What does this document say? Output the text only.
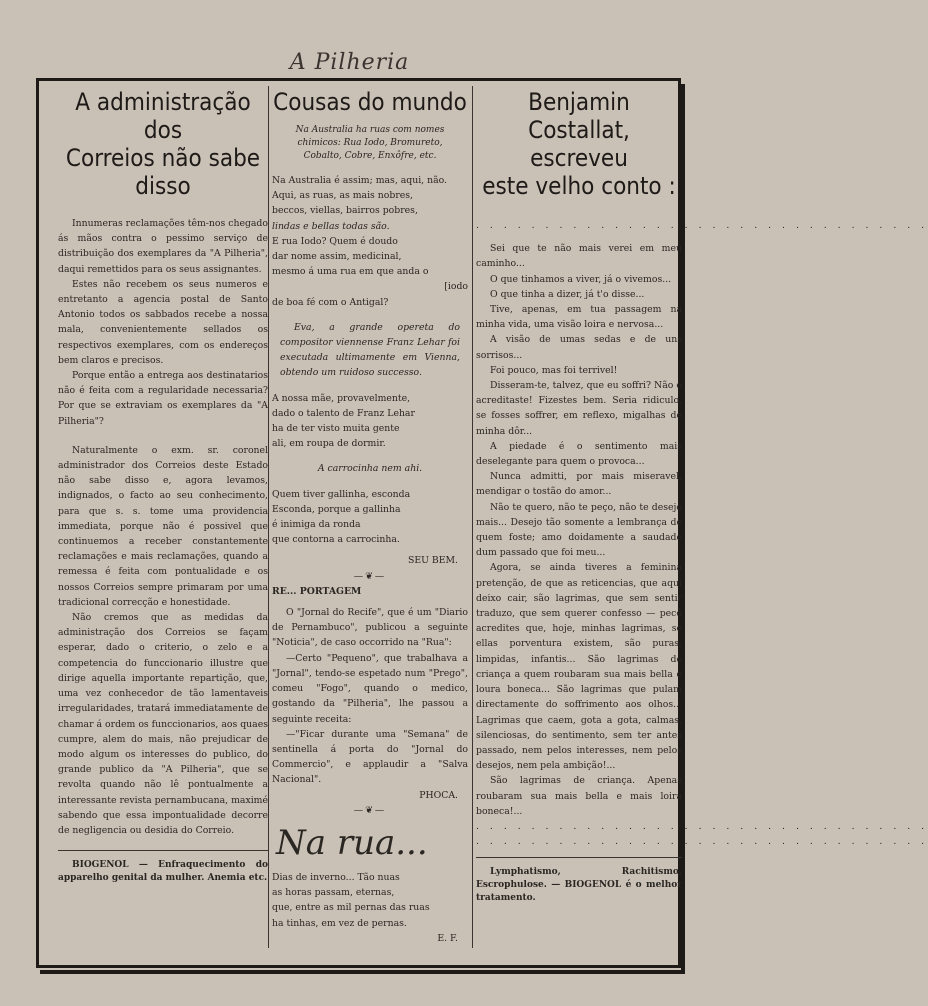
A Pilheria
A administração
dos
Correios não sabe
disso

Innumeras reclamações têm-nos chegado ás mãos contra o pessimo serviço de distribuição dos exemplares da "A Pilheria", daqui remettidos para os seus assignantes.

Estes não recebem os seus numeros e entretanto a agencia postal de Santo Antonio todos os sabbados recebe a nossa mala, convenientemente sellados os respectivos exemplares, com os endereços bem claros e precisos.

Porque então a entrega aos destinatarios não é feita com a regularidade necessaria? Por que se extraviam os exemplares da "A Pilheria"?

Naturalmente o exm. sr. coronel administrador dos Correios deste Estado não sabe disso e, agora levamos, indignados, o facto ao seu conhecimento, para que s. s. tome uma providencia immediata, porque não é possivel que continuemos a receber constantemente reclamações e mais reclamações, quando a remessa é feita com pontualidade e os nossos Correios sempre primaram por uma tradicional correcção e honestidade.

Não cremos que as medidas da administração dos Correios se façam esperar, dado o criterio, o zelo e a competencia do funccionario illustre que dirige aquella importante repartição, que, uma vez conhecedor de tão lamentaveis irregularidades, tratará immediatamente de chamar á ordem os funccionarios, aos quaes cumpre, alem do mais, não prejudicar de modo algum os interesses do publico, do grande publico da "A Pilheria", que se revolta quando não lê pontualmente a interessante revista pernambucana, maximé sabendo que essa impontualidade decorre de negligencia ou desidia do Correio.

BIOGENOL — Enfraquecimento do apparelho genital da mulher. Anemia etc.

Cousas do mundo
Na Australia ha ruas com nomes chimicos: Rua Iodo, Bromureto, Cobalto, Cobre, Enxôfre, etc.

Na Australia é assim; mas, aqui, não.

Aqui, as ruas, as mais nobres,

beccos, viellas, bairros pobres,

lindas e bellas todas são.

E rua Iodo? Quem é doudo

dar nome assim, medicinal,

mesmo á uma rua em que anda o

[iodo

de boa fé com o Antigal?

Eva, a grande opereta do compositor viennense Franz Lehar foi executada ultimamente em Vienna, obtendo um ruidoso successo.

A nossa mãe, provavelmente,

dado o talento de Franz Lehar

ha de ter visto muita gente

ali, em roupa de dormir.

A carrocinha nem ahi.

Quem tiver gallinha, esconda

Esconda, porque a gallinha

é inimiga da ronda

que contorna a carrocinha.

SEU BEM.

—❦—

RE... PORTAGEM

O "Jornal do Recife", que é um "Diario de Pernambuco", publicou a seguinte "Noticia", de caso occorrido na "Rua":

—Certo "Pequeno", que trabalhava a "Jornal", tendo-se espetado num "Prego", comeu "Fogo", quando o medico, gostando da "Pilheria", lhe passou a seguinte receita:

—"Ficar durante uma "Semana" de sentinella á porta do "Jornal do Commercio", e applaudir a "Salva Nacional".

PHOCA.

—❦—

Na rua...

Dias de inverno... Tão nuas

as horas passam, eternas,

que, entre as mil pernas das ruas

ha tinhas, em vez de pernas.

E. F.

Benjamin Costallat,
escreveu
este velho conto :

. . . . . . . . . . . . . . . . . . . . . . . . . . . . . . . . .

Sei que te não mais verei em meu caminho...

O que tinhamos a viver, já o vivemos...

O que tinha a dizer, já t'o disse...

Tive, apenas, em tua passagem na minha vida, uma visão loira e nervosa...

A visão de umas sedas e de uns sorrisos...

Foi pouco, mas foi terrivel!

Disseram-te, talvez, que eu soffri? Não o acreditaste! Fizestes bem. Seria ridiculo, se fosses soffrer, em reflexo, migalhas de minha dôr...

A piedade é o sentimento mais deselegante para quem o provoca...

Nunca admitti, por mais miseravel, mendigar o tostão do amor...

Não te quero, não te peço, não te desejo mais... Desejo tão somente a lembrança de quem foste; amo doidamente a saudade dum passado que foi meu...

Agora, se ainda tiveres a feminina pretenção, de que as reticencias, que aqui deixo cair, são lagrimas, que sem sentir traduzo, que sem querer confesso — pecô acredites que, hoje, minhas lagrimas, se ellas porventura existem, são puras, limpidas, infantis... São lagrimas de criança a quem roubaram sua mais bella e loura boneca... São lagrimas que pulam directamente do soffrimento aos olhos... Lagrimas que caem, gota a gota, calmas, silenciosas, do sentimento, sem ter antes passado, nem pelos interesses, nem pelos desejos, nem pela ambição!...

São lagrimas de criança. Apenas roubaram sua mais bella e mais loira boneca!...

. . . . . . . . . . . . . . . . . . . . . . . . . . . . . . . . .

. . . . . . . . . . . . . . . . . . . . . . . . . . . . . . . . .

Lymphatismo, Rachitismo, Escrophulose. — BIOGENOL é o melhor tratamento.
